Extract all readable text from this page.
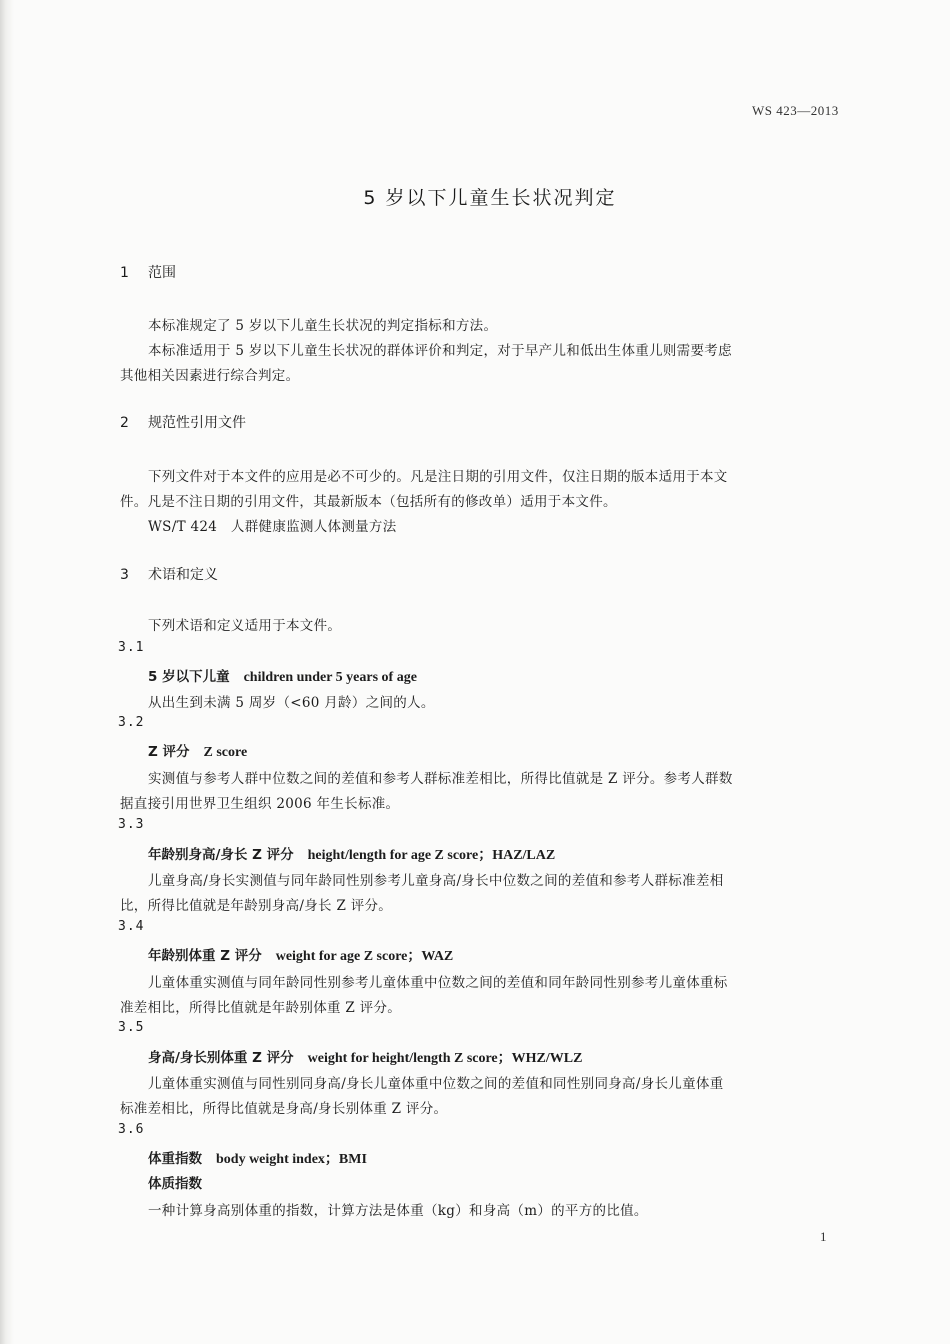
WS 423—2013
5 岁以下儿童生长状况判定
1 范围
本标准规定了 5 岁以下儿童生长状况的判定指标和方法。
本标准适用于 5 岁以下儿童生长状况的群体评价和判定，对于早产儿和低出生体重儿则需要考虑
其他相关因素进行综合判定。
2 规范性引用文件
下列文件对于本文件的应用是必不可少的。凡是注日期的引用文件，仅注日期的版本适用于本文
件。凡是不注日期的引用文件，其最新版本（包括所有的修改单）适用于本文件。
WS/T 424　人群健康监测人体测量方法
3 术语和定义
下列术语和定义适用于本文件。
3.1
5 岁以下儿童 children under 5 years of age
从出生到未满 5 周岁（<60 月龄）之间的人。
3.2
Z 评分 Z score
实测值与参考人群中位数之间的差值和参考人群标准差相比，所得比值就是 Z 评分。参考人群数
据直接引用世界卫生组织 2006 年生长标准。
3.3
年龄别身高/身长 Z 评分 height/length for age Z score；HAZ/LAZ
儿童身高/身长实测值与同年龄同性别参考儿童身高/身长中位数之间的差值和参考人群标准差相
比，所得比值就是年龄别身高/身长 Z 评分。
3.4
年龄别体重 Z 评分 weight for age Z score；WAZ
儿童体重实测值与同年龄同性别参考儿童体重中位数之间的差值和同年龄同性别参考儿童体重标
准差相比，所得比值就是年龄别体重 Z 评分。
3.5
身高/身长别体重 Z 评分 weight for height/length Z score；WHZ/WLZ
儿童体重实测值与同性别同身高/身长儿童体重中位数之间的差值和同性别同身高/身长儿童体重
标准差相比，所得比值就是身高/身长别体重 Z 评分。
3.6
体重指数 body weight index；BMI
体质指数
一种计算身高别体重的指数，计算方法是体重（kg）和身高（m）的平方的比值。
1
